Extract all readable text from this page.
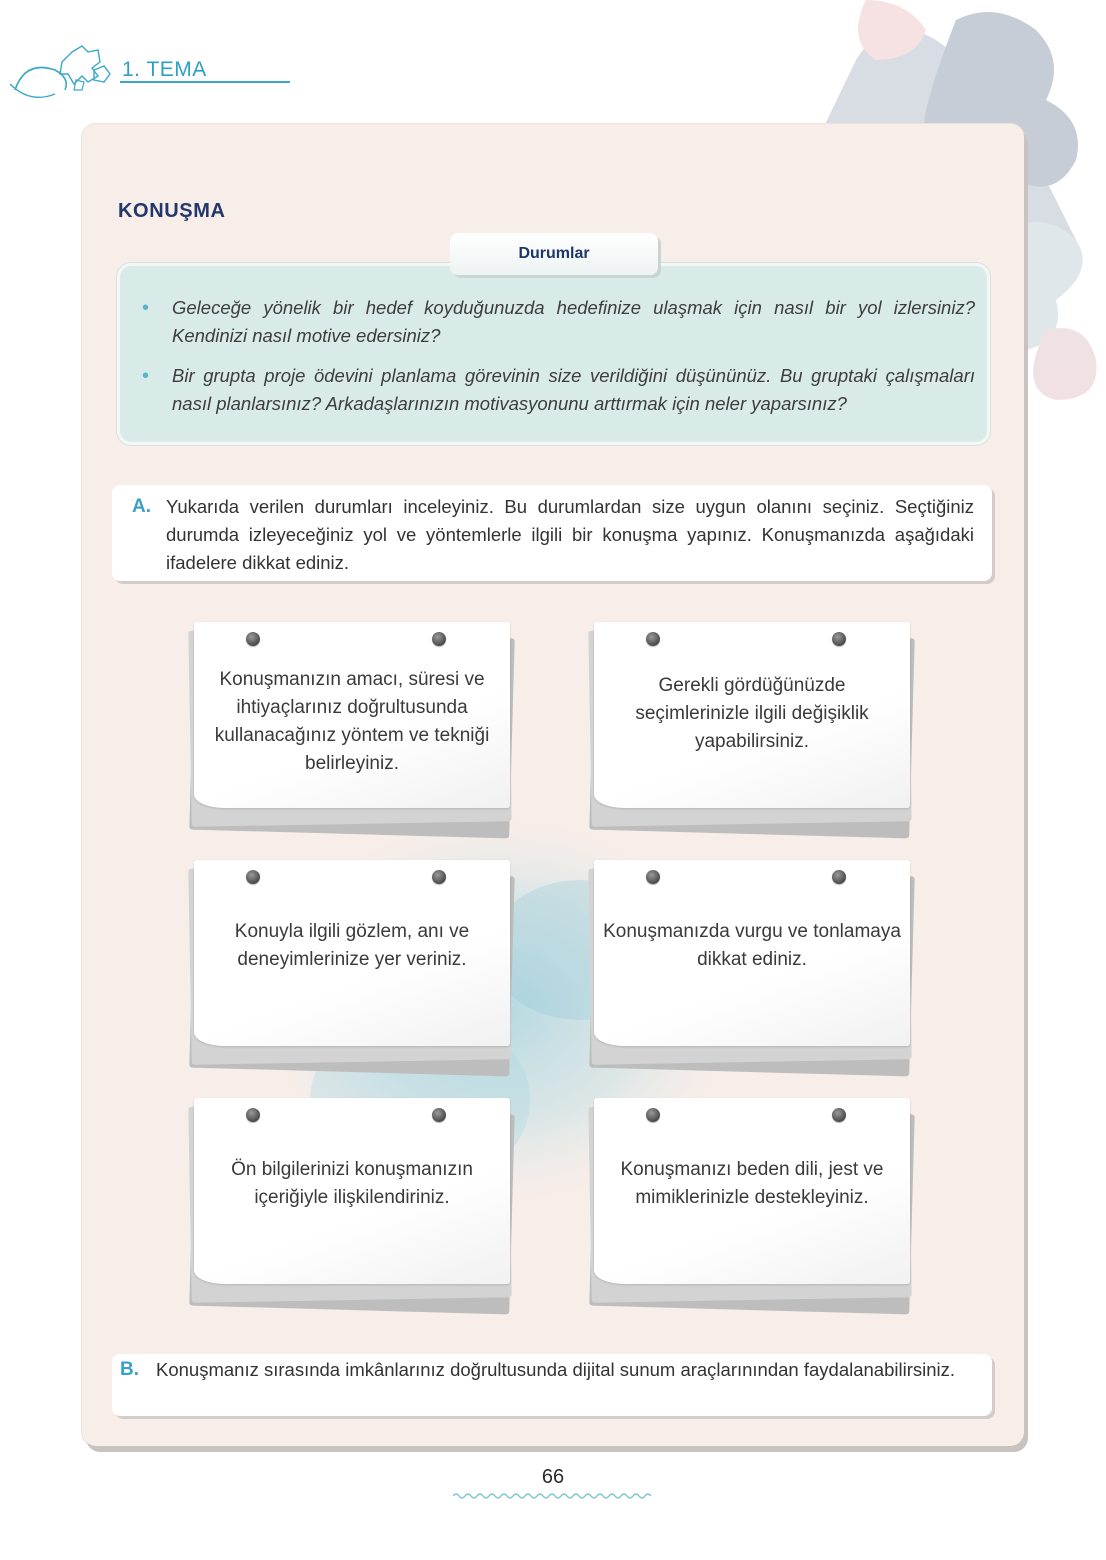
1. TEMA
KONUŞMA
• Geleceğe yönelik bir hedef koyduğunuzda hedefinize ulaşmak için nasıl bir yol izlersiniz? Kendinizi nasıl motive edersiniz?
• Bir grupta proje ödevini planlama görevinin size verildiğini düşününüz. Bu gruptaki çalışmaları nasıl planlarsınız? Arkadaşlarınızın motivasyonunu arttırmak için neler yaparsınız?
Durumlar
A. Yukarıda verilen durumları inceleyiniz. Bu durumlardan size uygun olanını seçiniz. Seçtiğiniz durumda izleyeceğiniz yol ve yöntemlerle ilgili bir konuşma yapınız. Konuşmanızda aşağıdaki ifadelere dikkat ediniz.
Konuşmanızın amacı, süresi ve ihtiyaçlarınız doğrultusunda kullanacağınız yöntem ve tekniği belirleyiniz.
Gerekli gördüğünüzde seçimlerinizle ilgili değişiklik yapabilirsiniz.
Konuyla ilgili gözlem, anı ve deneyimlerinize yer veriniz.
Konuşmanızda vurgu ve tonlamaya dikkat ediniz.
Ön bilgilerinizi konuşmanızın içeriğiyle ilişkilendiriniz.
Konuşmanızı beden dili, jest ve mimiklerinizle destekleyiniz.
B. Konuşmanız sırasında imkânlarınız doğrultusunda dijital sunum araçlarınından faydalanabilirsiniz.
66
